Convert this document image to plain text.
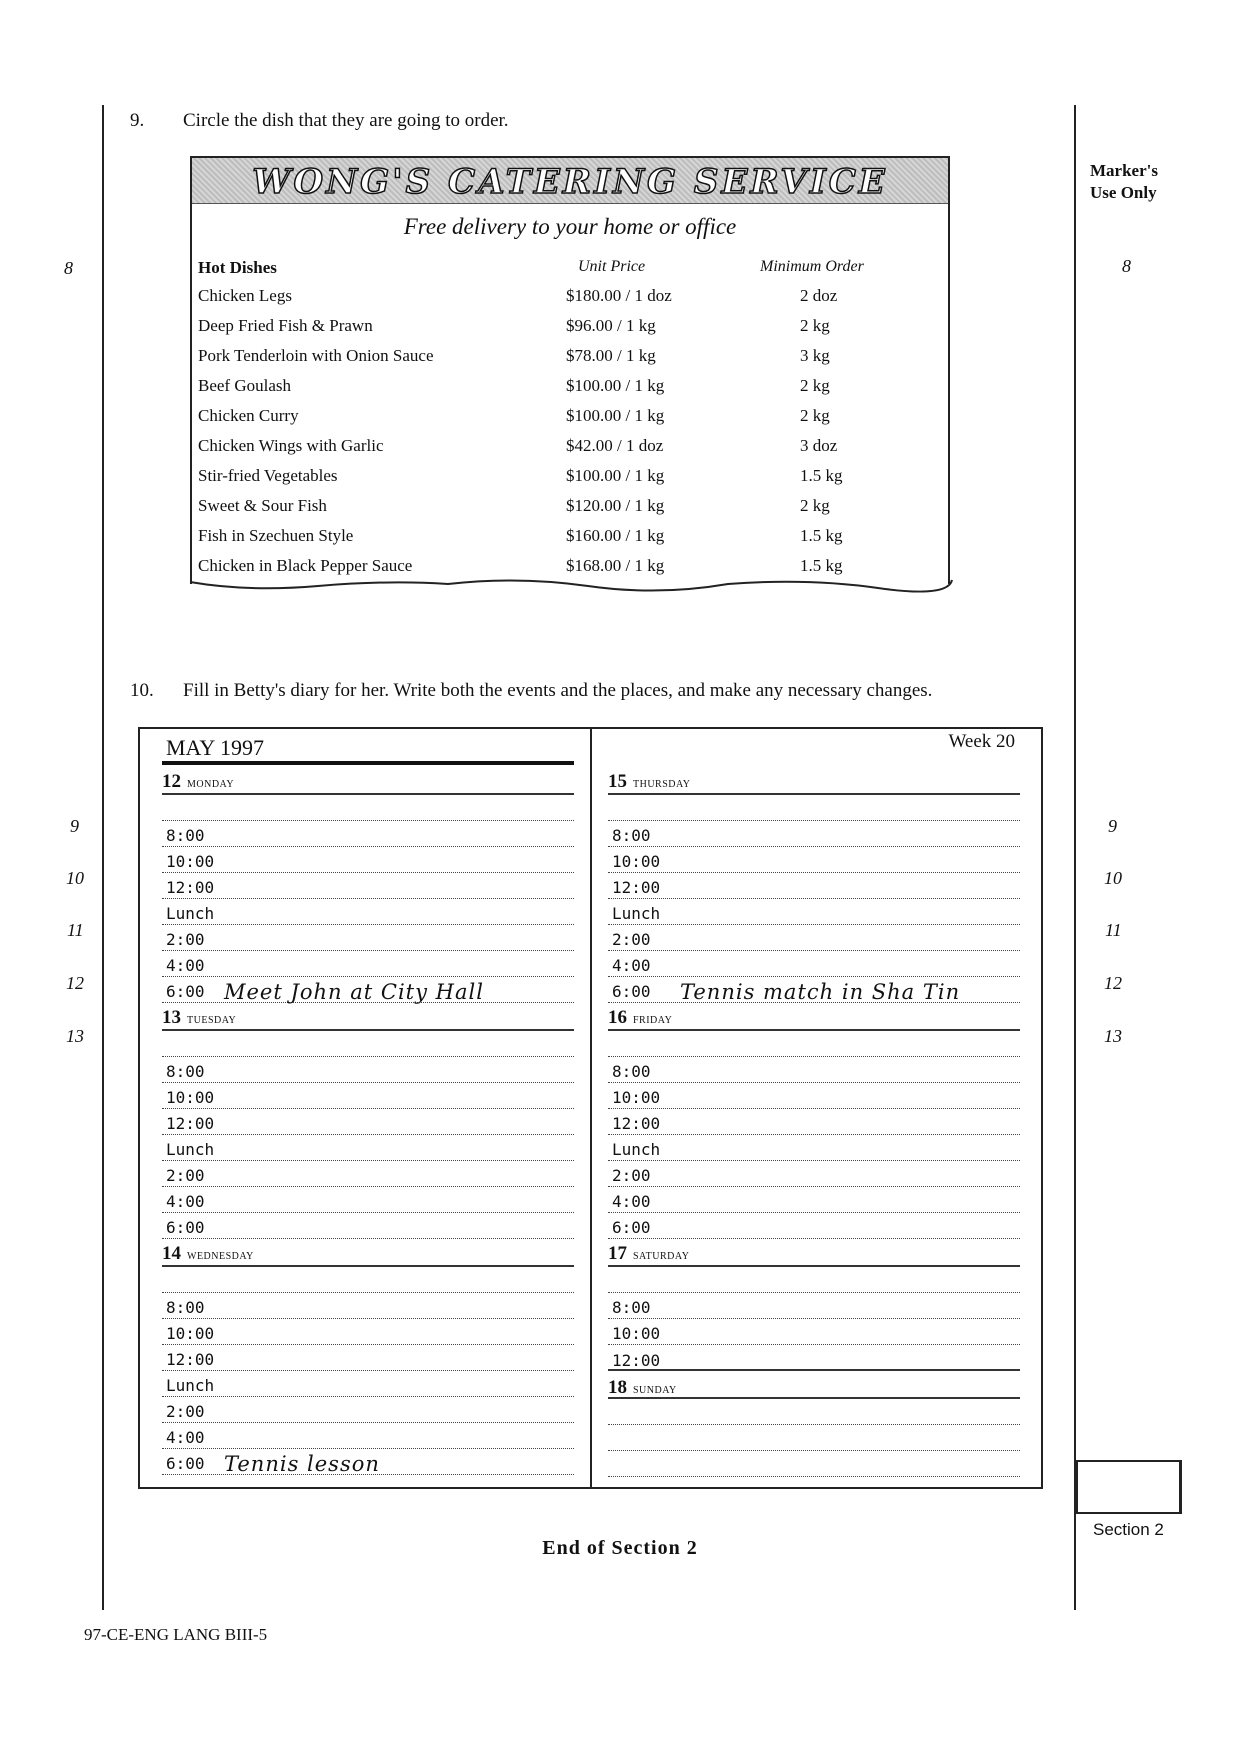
9. Circle the dish that they are going to order.
Marker's
Use Only
8
9
10
11
12
13
8
9
10
11
12
13
WONG'S CATERING SERVICE
Free delivery to your home or office
Hot Dishes	Unit Price	Minimum Order
Chicken Legs	$180.00 / 1 doz	2 doz
Deep Fried Fish & Prawn	$96.00 / 1 kg	2 kg
Pork Tenderloin with Onion Sauce	$78.00 / 1 kg	3 kg
Beef Goulash	$100.00 / 1 kg	2 kg
Chicken Curry	$100.00 / 1 kg	2 kg
Chicken Wings with Garlic	$42.00 / 1 doz	3 doz
Stir-fried Vegetables	$100.00 / 1 kg	1.5 kg
Sweet & Sour Fish	$120.00 / 1 kg	2 kg
Fish in Szechuen Style	$160.00 / 1 kg	1.5 kg
Chicken in Black Pepper Sauce	$168.00 / 1 kg	1.5 kg
10. Fill in Betty's diary for her. Write both the events and the places, and make any necessary changes.
MAY 1997	Week 20
12 monday
8:00
10:00
12:00
Lunch
2:00
4:00
6:00 Meet John at City Hall
13 tuesday
8:00
10:00
12:00
Lunch
2:00
4:00
6:00
14 wednesday
8:00
10:00
12:00
Lunch
2:00
4:00
6:00 Tennis lesson
15 thursday
8:00
10:00
12:00
Lunch
2:00
4:00
6:00 Tennis match in Sha Tin
16 friday
8:00
10:00
12:00
Lunch
2:00
4:00
6:00
17 saturday
8:00
10:00
12:00
18 sunday
Section 2
End of Section 2
97-CE-ENG LANG BIII-5
